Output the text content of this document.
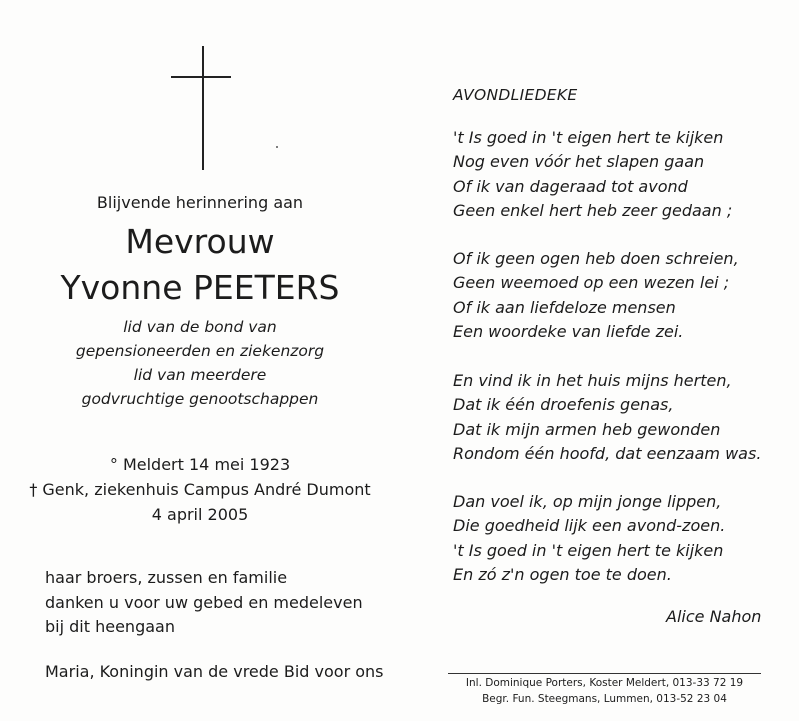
Blijvende herinnering aan
Mevrouw
Yvonne PEETERS
lid van de bond van
gepensioneerden en ziekenzorg
lid van meerdere
godvruchtige genootschappen
° Meldert 14 mei 1923
† Genk, ziekenhuis Campus André Dumont
4 april 2005
haar broers, zussen en familie
danken u voor uw gebed en medeleven
bij dit heengaan
Maria, Koningin van de vrede Bid voor ons
AVONDLIEDEKE
't Is goed in 't eigen hert te kijken
Nog even vóór het slapen gaan
Of ik van dageraad tot avond
Geen enkel hert heb zeer gedaan ;
Of ik geen ogen heb doen schreien,
Geen weemoed op een wezen lei ;
Of ik aan liefdeloze mensen
Een woordeke van liefde zei.
En vind ik in het huis mijns herten,
Dat ik één droefenis genas,
Dat ik mijn armen heb gewonden
Rondom één hoofd, dat eenzaam was.
Dan voel ik, op mijn jonge lippen,
Die goedheid lijk een avond-zoen.
't Is goed in 't eigen hert te kijken
En zó z'n ogen toe te doen.
Alice Nahon
Inl. Dominique Porters, Koster Meldert, 013-33 72 19
Begr. Fun. Steegmans, Lummen, 013-52 23 04
